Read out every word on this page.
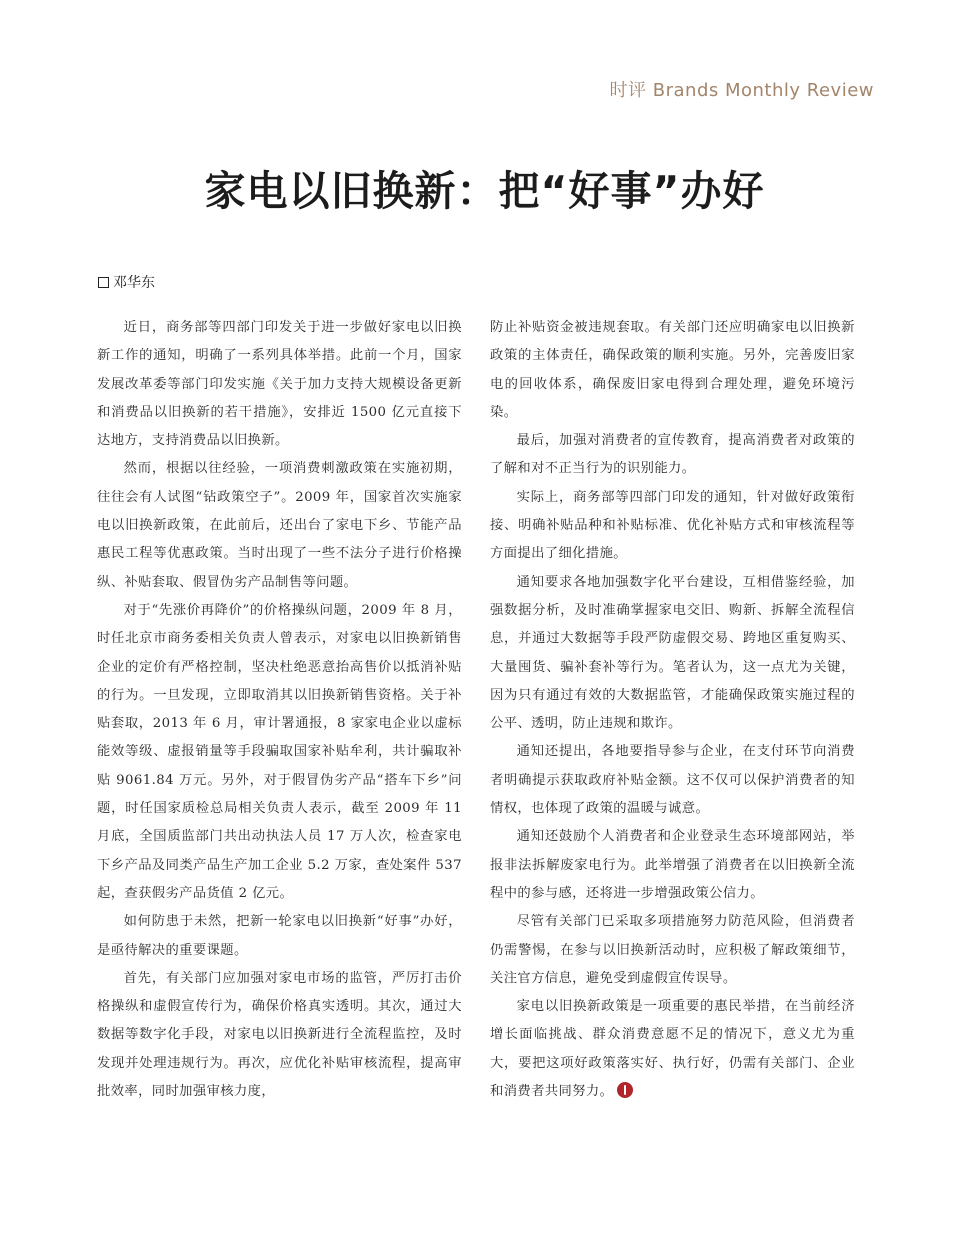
时评 Brands Monthly Review
家电以旧换新：把“好事”办好
邓华东

近日，商务部等四部门印发关于进一步做好家电以旧换新工作的通知，明确了一系列具体举措。此前一个月，国家发展改革委等部门印发实施《关于加力支持大规模设备更新和消费品以旧换新的若干措施》，安排近 1500 亿元直接下达地方，支持消费品以旧换新。

然而，根据以往经验，一项消费刺激政策在实施初期，往往会有人试图“钻政策空子”。2009 年，国家首次实施家电以旧换新政策，在此前后，还出台了家电下乡、节能产品惠民工程等优惠政策。当时出现了一些不法分子进行价格操纵、补贴套取、假冒伪劣产品制售等问题。

对于“先涨价再降价”的价格操纵问题，2009 年 8 月，时任北京市商务委相关负责人曾表示，对家电以旧换新销售企业的定价有严格控制，坚决杜绝恶意抬高售价以抵消补贴的行为。一旦发现，立即取消其以旧换新销售资格。关于补贴套取，2013 年 6 月，审计署通报，8 家家电企业以虚标能效等级、虚报销量等手段骗取国家补贴牟利，共计骗取补贴 9061.84 万元。另外，对于假冒伪劣产品“搭车下乡”问题，时任国家质检总局相关负责人表示，截至 2009 年 11 月底，全国质监部门共出动执法人员 17 万人次，检查家电下乡产品及同类产品生产加工企业 5.2 万家，查处案件 537 起，查获假劣产品货值 2 亿元。

如何防患于未然，把新一轮家电以旧换新“好事”办好，是亟待解决的重要课题。

首先，有关部门应加强对家电市场的监管，严厉打击价格操纵和虚假宣传行为，确保价格真实透明。其次，通过大数据等数字化手段，对家电以旧换新进行全流程监控，及时发现并处理违规行为。再次，应优化补贴审核流程，提高审批效率，同时加强审核力度，

防止补贴资金被违规套取。有关部门还应明确家电以旧换新政策的主体责任，确保政策的顺利实施。另外，完善废旧家电的回收体系，确保废旧家电得到合理处理，避免环境污染。

最后，加强对消费者的宣传教育，提高消费者对政策的了解和对不正当行为的识别能力。

实际上，商务部等四部门印发的通知，针对做好政策衔接、明确补贴品种和补贴标准、优化补贴方式和审核流程等方面提出了细化措施。

通知要求各地加强数字化平台建设，互相借鉴经验，加强数据分析，及时准确掌握家电交旧、购新、拆解全流程信息，并通过大数据等手段严防虚假交易、跨地区重复购买、大量囤货、骗补套补等行为。笔者认为，这一点尤为关键，因为只有通过有效的大数据监管，才能确保政策实施过程的公平、透明，防止违规和欺诈。

通知还提出，各地要指导参与企业，在支付环节向消费者明确提示获取政府补贴金额。这不仅可以保护消费者的知情权，也体现了政策的温暖与诚意。

通知还鼓励个人消费者和企业登录生态环境部网站，举报非法拆解废家电行为。此举增强了消费者在以旧换新全流程中的参与感，还将进一步增强政策公信力。

尽管有关部门已采取多项措施努力防范风险，但消费者仍需警惕，在参与以旧换新活动时，应积极了解政策细节，关注官方信息，避免受到虚假宣传误导。

家电以旧换新政策是一项重要的惠民举措，在当前经济增长面临挑战、群众消费意愿不足的情况下，意义尤为重大，要把这项好政策落实好、执行好，仍需有关部门、企业和消费者共同努力。
